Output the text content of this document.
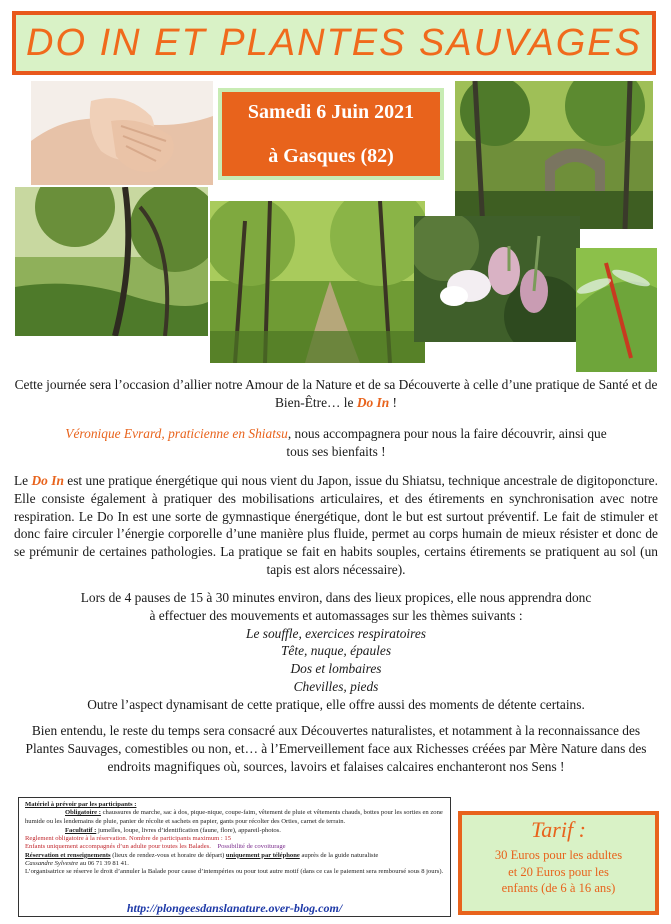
DO IN ET PLANTES SAUVAGES
Samedi 6 Juin 2021
à Gasques (82)
Cette journée sera l’occasion d’allier notre Amour de la Nature et de sa Découverte à celle d’une pratique de Santé et de Bien-Être… le Do In !
Véronique Evrard, praticienne en Shiatsu, nous accompagnera pour nous la faire découvrir, ainsi que tous ses bienfaits !
Le Do In est une pratique énergétique qui nous vient du Japon, issue du Shiatsu, technique ancestrale de digitoponcture. Elle consiste également à pratiquer des mobilisations articulaires, et des étirements en synchronisation avec notre respiration. Le Do In est une sorte de gymnastique énergétique, dont le but est surtout préventif. Le fait de stimuler et donc faire circuler l’énergie corporelle d’une manière plus fluide, permet au corps humain de mieux résister et donc de se prémunir de certaines pathologies. La pratique se fait en habits souples, certains étirements se pratiquent au sol (un tapis est alors nécessaire).
Lors de 4 pauses de 15 à 30 minutes environ, dans des lieux propices, elle nous apprendra donc
à effectuer des mouvements et automassages sur les thèmes suivants :
Le souffle, exercices respiratoires
Tête, nuque, épaules
Dos et lombaires
Chevilles, pieds
Outre l’aspect dynamisant de cette pratique, elle offre aussi des moments de détente certains.
Bien entendu, le reste du temps sera consacré aux Découvertes naturalistes, et notamment à la reconnaissance des Plantes Sauvages, comestibles ou non, et… à l’Emerveillement face aux Richesses créées par Mère Nature dans des endroits magnifiques où, sources, lavoirs et falaises calcaires enchanteront nos Sens !
Matériel à prévoir par les participants :
Obligatoire : chaussures de marche, sac à dos, pique-nique, coupe-faim, vêtement de pluie et vêtements chauds, bottes pour les sorties en zone humide ou les lendemains de pluie, panier de récolte et sachets en papier, gants pour récolter des Orties, carnet de terrain.
Facultatif : jumelles, loupe, livres d’identification (faune, flore), appareil-photos.
Reglement obligatoire à la réservation. Nombre de participants maximum : 15
Enfants uniquement accompagnés d’un adulte pour toutes les Balades. Possibilité de covoiturage
Réservation et renseignements (lieux de rendez-vous et horaire de départ) uniquement par téléphone auprès de la guide naturaliste
Cassandre Sylvestre au 06 71 39 81 41.
L’organisatrice se réserve le droit d’annuler la Balade pour cause d’intempéries ou pour tout autre motif (dans ce cas le paiement sera remboursé sous 8 jours).
http://plongeesdanslanature.over-blog.com/
Tarif :
30 Euros pour les adultes
et 20 Euros pour les
enfants (de 6 à 16 ans)
